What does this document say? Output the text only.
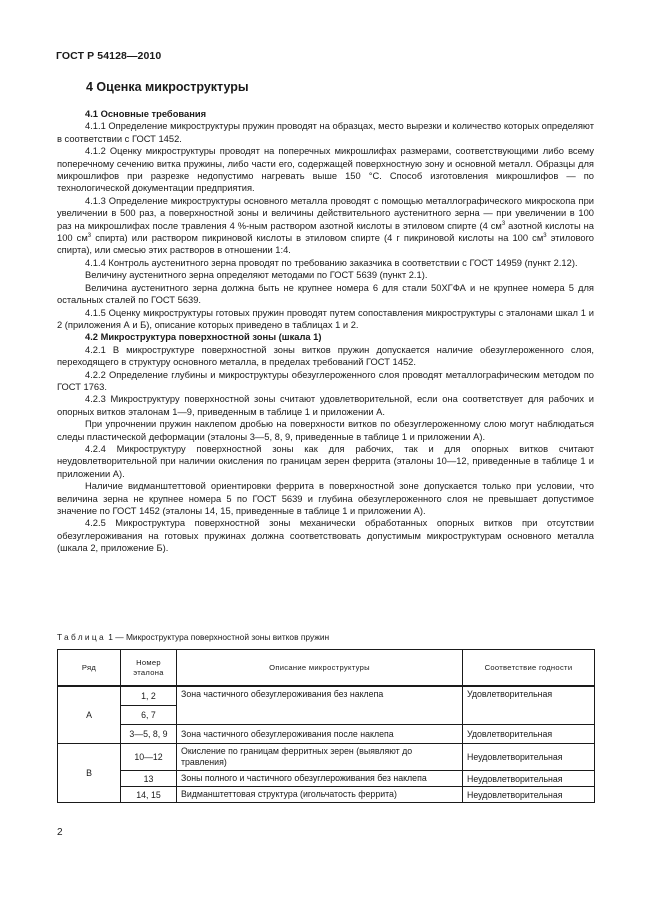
ГОСТ Р 54128—2010
4 Оценка микроструктуры

4.1 Основные требования

4.1.1 Определение микроструктуры пружин проводят на образцах, место вырезки и количество которых определяют в соответствии с ГОСТ 1452.

4.1.2 Оценку микроструктуры проводят на поперечных микрошлифах размерами, соответствующими либо всему поперечному сечению витка пружины, либо части его, содержащей поверхностную зону и основной металл. Образцы для микрошлифов при разрезке недопустимо нагревать выше 150 °С. Способ изготовления микрошлифов — по технологической документации предприятия.

4.1.3 Определение микроструктуры основного металла проводят с помощью металлографического микроскопа при увеличении в 500 раз, а поверхностной зоны и величины действительного аустенитного зерна — при увеличении в 100 раз на микрошлифах после травления 4 %-ным раствором азотной кислоты в этиловом спирте (4 $см^3$ азотной кислоты на 100 $см^3$ спирта) или раствором пикриновой кислоты в этиловом спирте (4 г пикриновой кислоты на 100 $см^3$ этилового спирта), или смесью этих растворов в отношении 1:4.

4.1.4 Контроль аустенитного зерна проводят по требованию заказчика в соответствии с ГОСТ 14959 (пункт 2.12).

Величину аустенитного зерна определяют методами по ГОСТ 5639 (пункт 2.1).

Величина аустенитного зерна должна быть не крупнее номера 6 для стали 50ХГФА и не крупнее номера 5 для остальных сталей по ГОСТ 5639.

4.1.5 Оценку микроструктуры готовых пружин проводят путем сопоставления микроструктуры с эталонами шкал 1 и 2 (приложения А и Б), описание которых приведено в таблицах 1 и 2.

4.2 Микроструктура поверхностной зоны (шкала 1)

4.2.1 В микроструктуре поверхностной зоны витков пружин допускается наличие обезуглероженного слоя, переходящего в структуру основного металла, в пределах требований ГОСТ 1452.

4.2.2 Определение глубины и микроструктуры обезуглероженного слоя проводят металлографическим методом по ГОСТ 1763.

4.2.3 Микроструктуру поверхностной зоны считают удовлетворительной, если она соответствует для рабочих и опорных витков эталонам 1—9, приведенным в таблице 1 и приложении А.

При упрочнении пружин наклепом дробью на поверхности витков по обезуглероженному слою могут наблюдаться следы пластической деформации (эталоны 3—5, 8, 9, приведенные в таблице 1 и приложении А).

4.2.4 Микроструктуру поверхностной зоны как для рабочих, так и для опорных витков считают неудовлетворительной при наличии окисления по границам зерен феррита (эталоны 10—12, приведенные в таблице 1 и приложении А).

Наличие видманштеттовой ориентировки феррита в поверхностной зоне допускается только при условии, что величина зерна не крупнее номера 5 по ГОСТ 5639 и глубина обезуглероженного слоя не превышает допустимое значение по ГОСТ 1452 (эталоны 14, 15, приведенные в таблице 1 и приложении А).

4.2.5 Микроструктура поверхностной зоны механически обработанных опорных витков при отсутствии обезуглероживания на готовых пружинах должна соответствовать допустимым микроструктурам основного металла (шкала 2, приложение Б).

Таблица 1 — Микроструктура поверхностной зоны витков пружин
Ряд	Номер эталона	Описание микроструктуры	Соответствие годности
А	1, 2	Зона частичного обезуглероживания без наклепа	Удовлетворительная
	6, 7		
	3—5, 8, 9	Зона частичного обезуглероживания после наклепа	Удовлетворительная
В	10—12	Окисление по границам ферритных зерен (выявляют до травления)	Неудовлетворительная
	13	Зоны полного и частичного обезуглероживания без наклепа	Неудовлетворительная
	14, 15	Видманштеттовая структура (игольчатость феррита)	Неудовлетворительная
2
